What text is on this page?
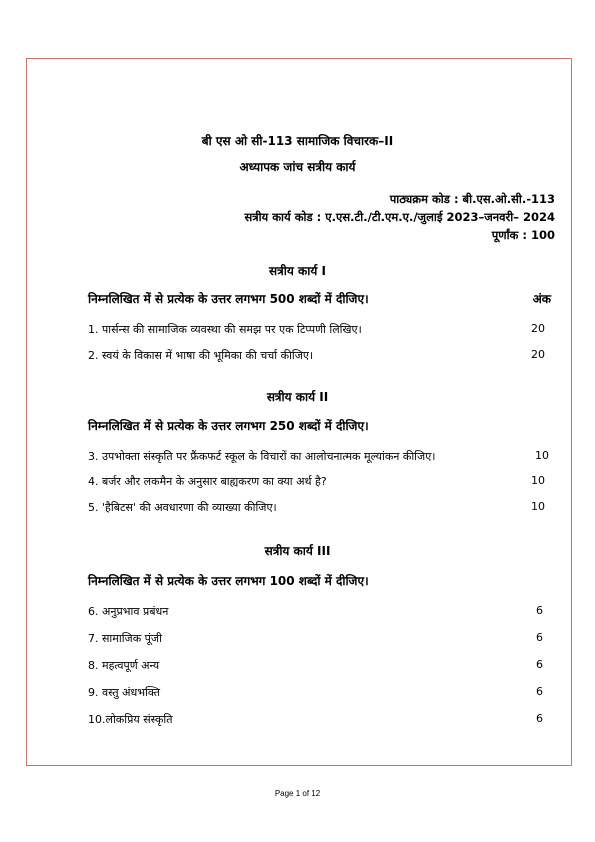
बी एस ओ सी-113 सामाजिक विचारक–II
अध्यापक जांच सत्रीय कार्य
पाठ्यक्रम कोड : बी.एस.ओ.सी.-113
सत्रीय कार्य कोड : ए.एस.टी./टी.एम.ए./जुलाई 2023–जनवरी– 2024
पूर्णांक : 100
सत्रीय कार्य I
निम्नलिखित में से प्रत्येक के उत्तर लगभग 500 शब्दों में दीजिए।	अंक
1. पार्सन्स की सामाजिक व्यवस्था की समझ पर एक टिप्पणी लिखिए।	20
2. स्वयं के विकास में भाषा की भूमिका की चर्चा कीजिए।	20
सत्रीय कार्य II
निम्नलिखित में से प्रत्येक के उत्तर लगभग 250 शब्दों में दीजिए।
3. उपभोक्ता संस्कृति पर फ्रैंकफर्ट स्कूल के विचारों का आलोचनात्मक मूल्यांकन कीजिए।	10
4. बर्जर और लकमैन के अनुसार बाह्यकरण का क्या अर्थ है?	10
5. 'हैबिटस' की अवधारणा की व्याख्या कीजिए।	10
सत्रीय कार्य III
निम्नलिखित में से प्रत्येक के उत्तर लगभग 100 शब्दों में दीजिए।
6. अनुप्रभाव प्रबंधन	6
7. सामाजिक पूंजी	6
8. महत्वपूर्ण अन्य	6
9. वस्तु अंधभक्ति	6
10.लोकप्रिय संस्कृति	6
Page 1 of 12
